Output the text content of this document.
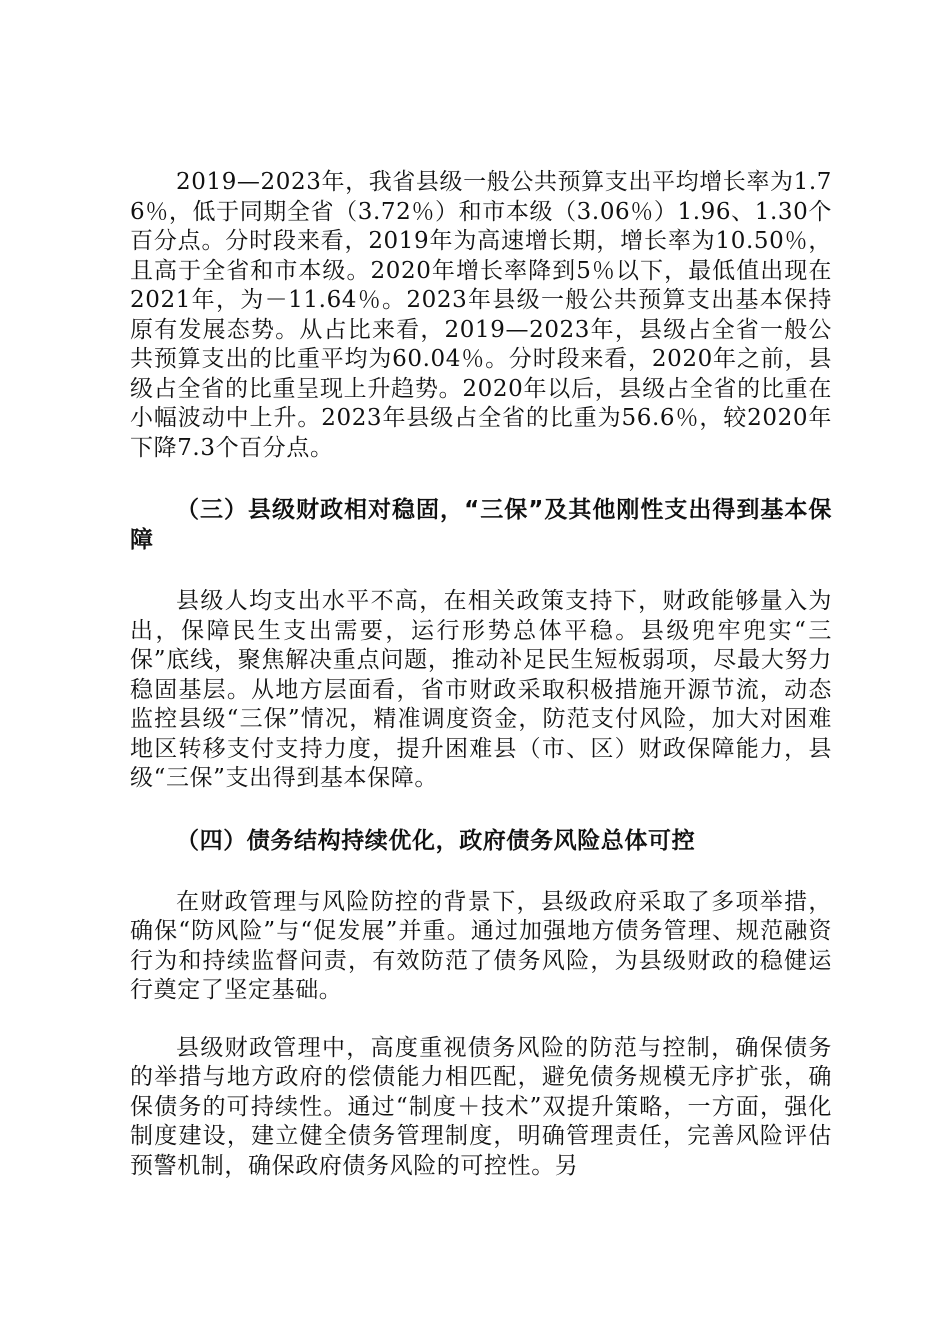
2019—2023年，我省县级一般公共预算支出平均增长率为1.76％，低于同期全省（3.72％）和市本级（3.06％）1.96、1.30个百分点。分时段来看，2019年为高速增长期，增长率为10.50％，且高于全省和市本级。2020年增长率降到5％以下，最低值出现在2021年，为－11.64％。2023年县级一般公共预算支出基本保持原有发展态势。从占比来看，2019—2023年，县级占全省一般公共预算支出的比重平均为60.04％。分时段来看，2020年之前，县级占全省的比重呈现上升趋势。2020年以后，县级占全省的比重在小幅波动中上升。2023年县级占全省的比重为56.6％，较2020年下降7.3个百分点。

（三）县级财政相对稳固，“三保”及其他刚性支出得到基本保障

县级人均支出水平不高，在相关政策支持下，财政能够量入为出，保障民生支出需要，运行形势总体平稳。县级兜牢兜实“三保”底线，聚焦解决重点问题，推动补足民生短板弱项，尽最大努力稳固基层。从地方层面看，省市财政采取积极措施开源节流，动态监控县级“三保”情况，精准调度资金，防范支付风险，加大对困难地区转移支付支持力度，提升困难县（市、区）财政保障能力，县级“三保”支出得到基本保障。

（四）债务结构持续优化，政府债务风险总体可控

在财政管理与风险防控的背景下，县级政府采取了多项举措，确保“防风险”与“促发展”并重。通过加强地方债务管理、规范融资行为和持续监督问责，有效防范了债务风险，为县级财政的稳健运行奠定了坚定基础。

县级财政管理中，高度重视债务风险的防范与控制，确保债务的举措与地方政府的偿债能力相匹配，避免债务规模无序扩张，确保债务的可持续性。通过“制度＋技术”双提升策略，一方面，强化制度建设，建立健全债务管理制度，明确管理责任，完善风险评估预警机制，确保政府债务风险的可控性。另
